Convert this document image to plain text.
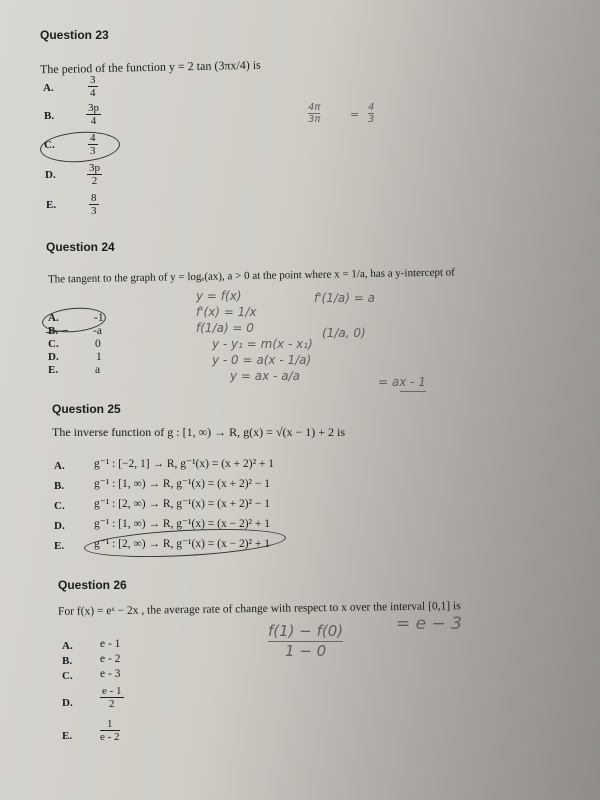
Question 23
The period of the function y = 2 tan (3πx/4) is
A.
B.
C.
D.
E.
3
4
3p
4
4
3
3p
2
8
3
4π
3π	=
4
3
Question 24
The tangent to the graph of y = logₑ(ax), a > 0 at the point where x = 1/a, has a y-intercept of
A.
B.
C.
D.
E.
-1
-a
0
1
a
y = f(x)
f'(x) = 1/x
f(1/a) = 0
y - y₁ = m(x - x₁)
y - 0 = a(x - 1/a)
y = ax - a/a
f'(1/a) = a
(1/a, 0)
= ax - 1
Question 25
The inverse function of g : [1, ∞) → R, g(x) = √(x − 1) + 2 is
A.
B.
C.
D.
E.
g⁻¹ : [−2, 1] → R, g⁻¹(x) = (x + 2)² + 1
g⁻¹ : [1, ∞) → R, g⁻¹(x) = (x + 2)² − 1
g⁻¹ : [2, ∞) → R, g⁻¹(x) = (x + 2)² − 1
g⁻¹ : [1, ∞) → R, g⁻¹(x) = (x − 2)² + 1
g⁻¹ : [2, ∞) → R, g⁻¹(x) = (x − 2)² + 1
Question 26
For f(x) = eˣ − 2x , the average rate of change with respect to x over the interval [0,1] is
A.
B.
C.
D.
E.
e - 1
e - 2
e - 3
e - 1
2
1
e - 2
f(1) − f(0)
1 − 0
= e − 3
